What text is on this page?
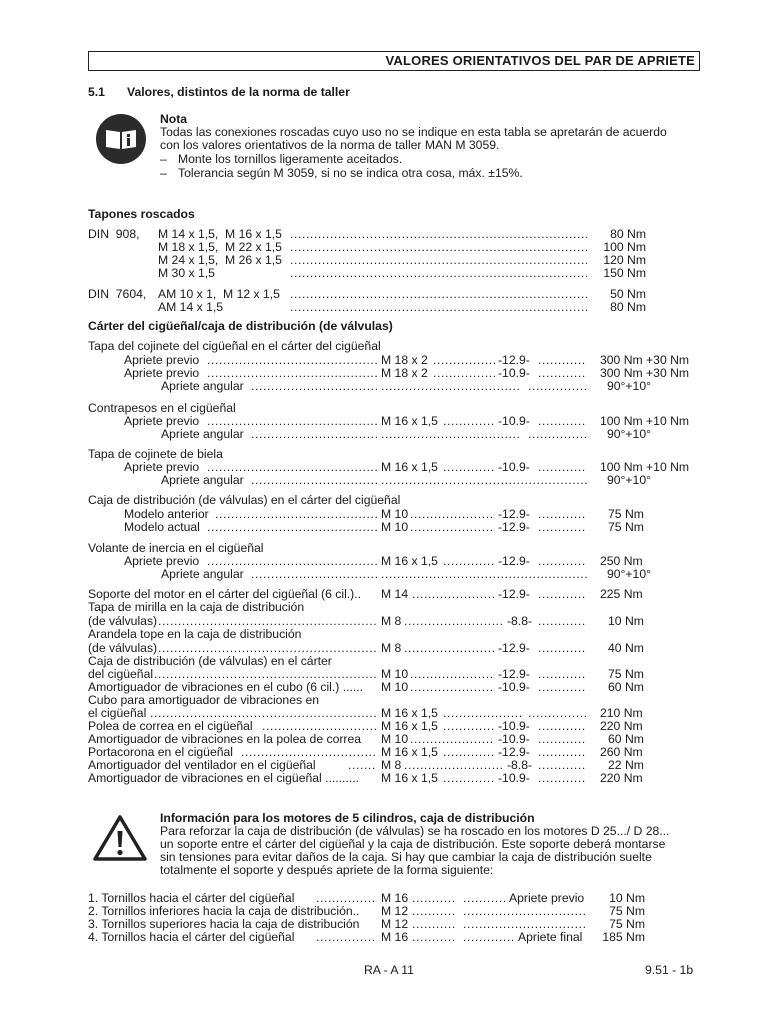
VALORES ORIENTATIVOS DEL PAR DE APRIETE
5.1 Valores, distintos de la norma de taller
Nota
Todas las conexiones roscadas cuyo uso no se indique en esta tabla se apretarán de acuerdo
con los valores orientativos de la norma de taller MAN M 3059.
– Monte los tornillos ligeramente aceitados.
– Tolerancia según M 3059, si no se indica otra cosa, máx. ±15%.
Tapones roscados
DIN  908, M 14 x 1,5,  M 16 x 1,5 .....	80 Nm
M 18 x 1,5,  M 22 x 1,5 .....	100 Nm
M 24 x 1,5,  M 26 x 1,5 .....	120 Nm
M 30 x 1,5 .....	150 Nm
DIN  7604, AM 10 x 1,  M 12 x 1,5 .....	50 Nm
AM 14 x 1,5 .....	80 Nm
Cárter del cigüeñal/caja de distribución (de válvulas)
Tapa del cojinete del cigüeñal en el cárter del cigüeñal
Apriete previo .....	M 18 x 2 .....	-12.9- .....	300 Nm +30 Nm
Apriete previo .....	M 18 x 2 .....	-10.9- .....	300 Nm +30 Nm
Apriete angular ..... ..... .....	90°+10°
Contrapesos en el cigüeñal
Apriete previo .....	M 16 x 1,5 .....	-10.9- .....	100 Nm +10 Nm
Apriete angular ..... ..... .....	90°+10°
Tapa de cojinete de biela
Apriete previo .....	M 16 x 1,5 .....	-10.9- .....	100 Nm +10 Nm
Apriete angular ..... .....	90°+10°
Caja de distribución (de válvulas) en el cárter del cigüeñal
Modelo anterior .....	M 10 .....	-12.9- .....	75 Nm
Modelo actual .....	M 10 .....	-12.9- .....	75 Nm
Volante de inercia en el cigüeñal
Apriete previo .....	M 16 x 1,5 .....	-12.9- .....	250 Nm
Apriete angular ..... .....	90°+10°
Soporte del motor en el cárter del cigüeñal (6 cil.).. M 14 .....	-12.9- .....	225 Nm
Tapa de mirilla en la caja de distribución
(de válvulas) .....	M 8 .....	-8.8- .....	10 Nm
Arandela tope en la caja de distribución
(de válvulas) .....	M 8 .....	-12.9- .....	40 Nm
Caja de distribución (de válvulas) en el cárter
del cigüeñal .....	M 10 .....	-12.9- .....	75 Nm
Amortiguador de vibraciones en el cubo (6 cil.) ...... M 10 .....	-10.9- .....	60 Nm
Cubo para amortiguador de vibraciones en
el cigüeñal .....	M 16 x 1,5 ..... .....	210 Nm
Polea de correa en el cigüeñal .....	M 16 x 1,5 .....	-10.9- .....	220 Nm
Amortiguador de vibraciones en la polea de correa M 10 .....	-10.9- .....	60 Nm
Portacorona en el cigüeñal .....	M 16 x 1,5 .....	-12.9- .....	260 Nm
Amortiguador del ventilador en el cigüeñal .....	M 8 .....	-8.8- .....	22 Nm
Amortiguador de vibraciones en el cigüeñal .......... M 16 x 1,5 .....	-10.9- .....	220 Nm
Información para los motores de 5 cilindros, caja de distribución
Para reforzar la caja de distribución (de válvulas) se ha roscado en los motores D 25.../ D 28...
un soporte entre el cárter del cigüeñal y la caja de distribución. Este soporte deberá montarse
sin tensiones para evitar daños de la caja. Si hay que cambiar la caja de distribución suelte
totalmente el soporte y después apriete de la forma siguiente:
1. Tornillos hacia el cárter del cigüeñal .....	M 16 ..... .....	Apriete previo	10 Nm
2. Tornillos inferiores hacia la caja de distribución.. M 12 ..... .....	75 Nm
3. Tornillos superiores hacia la caja de distribución M 12 ..... .....	75 Nm
4. Tornillos hacia el cárter del cigüeñal .....	M 16 ..... .....	Apriete final	185 Nm
RA - A 11	9.51 - 1b
